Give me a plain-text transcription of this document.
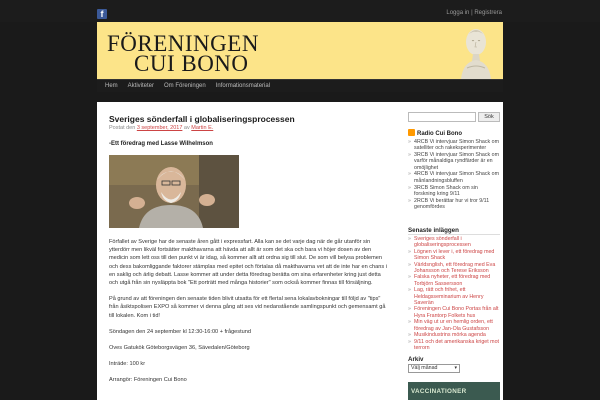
f	Logga in | Registrera
FÖRENINGEN
CUI BONO
Hem Aktiviteter Om Föreningen Informationsmaterial
Sveriges sönderfall i globaliseringsprocessen
Postat den 3 september, 2017 av Martin E.
-Ett föredrag med Lasse Wilhelmson

Förfallet av Sverige har de senaste åren gått i expressfart. Alla kan se det varje dag när de går utanför sin ytterdörr men likväl fortsätter makthavarna att hävda att allt är som det ska och bara vi höjer dosen av den medicin som lett oss till den punkt vi är idag, så kommer allt att ordna sig till slut. De som vill belysa problemen och dess bakomliggande faktorer stämplas med epitet och förtalas då makthavarna vet att de inte har en chans i en saklig och ärlig debatt. Lasse kommer att under detta föredrag berätta om sina erfarenheter kring just detta och utgå från sin nysläppta bok "Ett porträtt med många historier" som också kommer finnas till försäljning.

På grund av att föreningen den senaste tiden blivit utsatta för ett flertal sena lokalavbokningar till följd av "tips" från åsiktspolisen EXPO så kommer vi denna gång att ses vid nedanstående samlingspunkt och gemensamt gå till lokalen. Kom i tid!

Söndagen den 24 september kl 12:30-16:00 + frågestund

Oves Gatukök Göteborgsvägen 36, Sävedalen/Göteborg

Inträde: 100 kr

Arrangör: Föreningen Cui Bono

Sök
Radio Cui Bono
» 4RCB Vi intervjuar Simon Shack om satelliter och rakeksperimenter
» 3RCB Vi intervjuar Simon Shack om varför månaldiga ryndfärder är en omöjlighet
» 4RCB Vi intervjuar Simon Shack om månlandningsbluffen
» 3RCB Simon Shack om sin forskning kring 9/11
» 2RCB Vi berättar hur vi tror 9/11 genomfördes
Senaste inläggen
» Sveriges sönderfall i globaliseringsprocessen
» Lögnen vi lever i, ett föredrag med Simon Shack
» Världsnglish, ett föredrag med Eva Johansson och Terese Eriksson
» Falska nyheter, ett föredrag med Torbjörn Sassersson
» Lag, rätt och frihet, ett Heldagsseminarium av Henry Saverän
» Föreningen Cui Bono Portas från alt Hyra Frantorp Folkets hus
» Min väg ut ur en hemlig orden, ett föredrag av Jan-Ola Gustafsson
» Musikindustrins mörka agenda
» 9/11 och det amerikanska kriget mot terrorn
Arkiv
Välj månad ▾
VACCINATIONER
